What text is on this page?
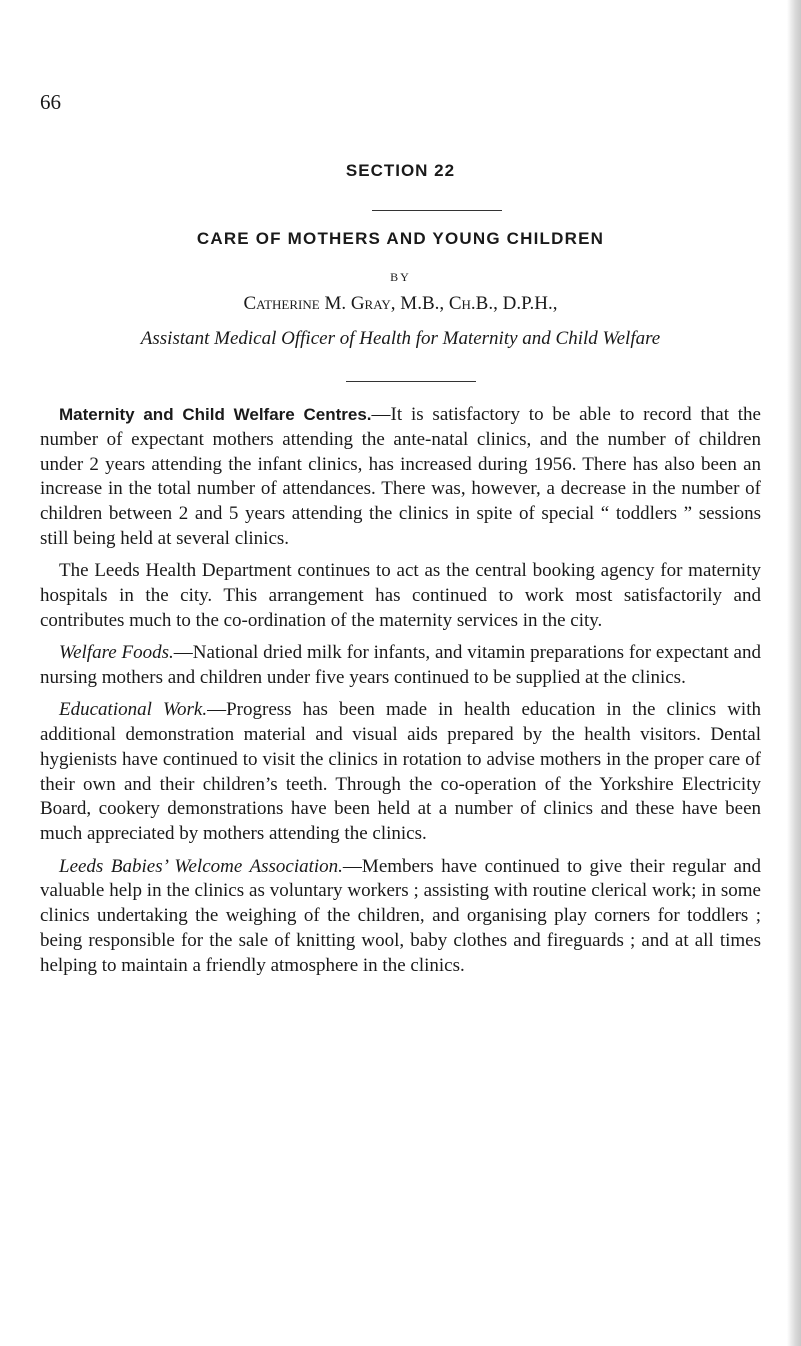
66
SECTION 22
CARE OF MOTHERS AND YOUNG CHILDREN
BY
Catherine M. Gray, M.B., Ch.B., D.P.H.,
Assistant Medical Officer of Health for Maternity and Child Welfare

Maternity and Child Welfare Centres.—It is satisfactory to be able to record that the number of expectant mothers attending the ante-natal clinics, and the number of children under 2 years attending the infant clinics, has increased during 1956. There has also been an increase in the total number of attendances. There was, however, a decrease in the number of children between 2 and 5 years attending the clinics in spite of special “ toddlers ” sessions still being held at several clinics.

The Leeds Health Department continues to act as the central booking agency for maternity hospitals in the city. This arrangement has continued to work most satisfactorily and contributes much to the co-ordination of the maternity services in the city.

Welfare Foods.—National dried milk for infants, and vitamin preparations for expectant and nursing mothers and children under five years continued to be supplied at the clinics.

Educational Work.—Progress has been made in health education in the clinics with additional demonstration material and visual aids prepared by the health visitors. Dental hygienists have continued to visit the clinics in rotation to advise mothers in the proper care of their own and their children’s teeth. Through the co-operation of the Yorkshire Electricity Board, cookery demonstrations have been held at a number of clinics and these have been much appreciated by mothers attending the clinics.

Leeds Babies’ Welcome Association.—Members have continued to give their regular and valuable help in the clinics as voluntary workers ; assisting with routine clerical work; in some clinics undertaking the weighing of the children, and organising play corners for toddlers ; being responsible for the sale of knitting wool, baby clothes and fireguards ; and at all times helping to maintain a friendly atmosphere in the clinics.
